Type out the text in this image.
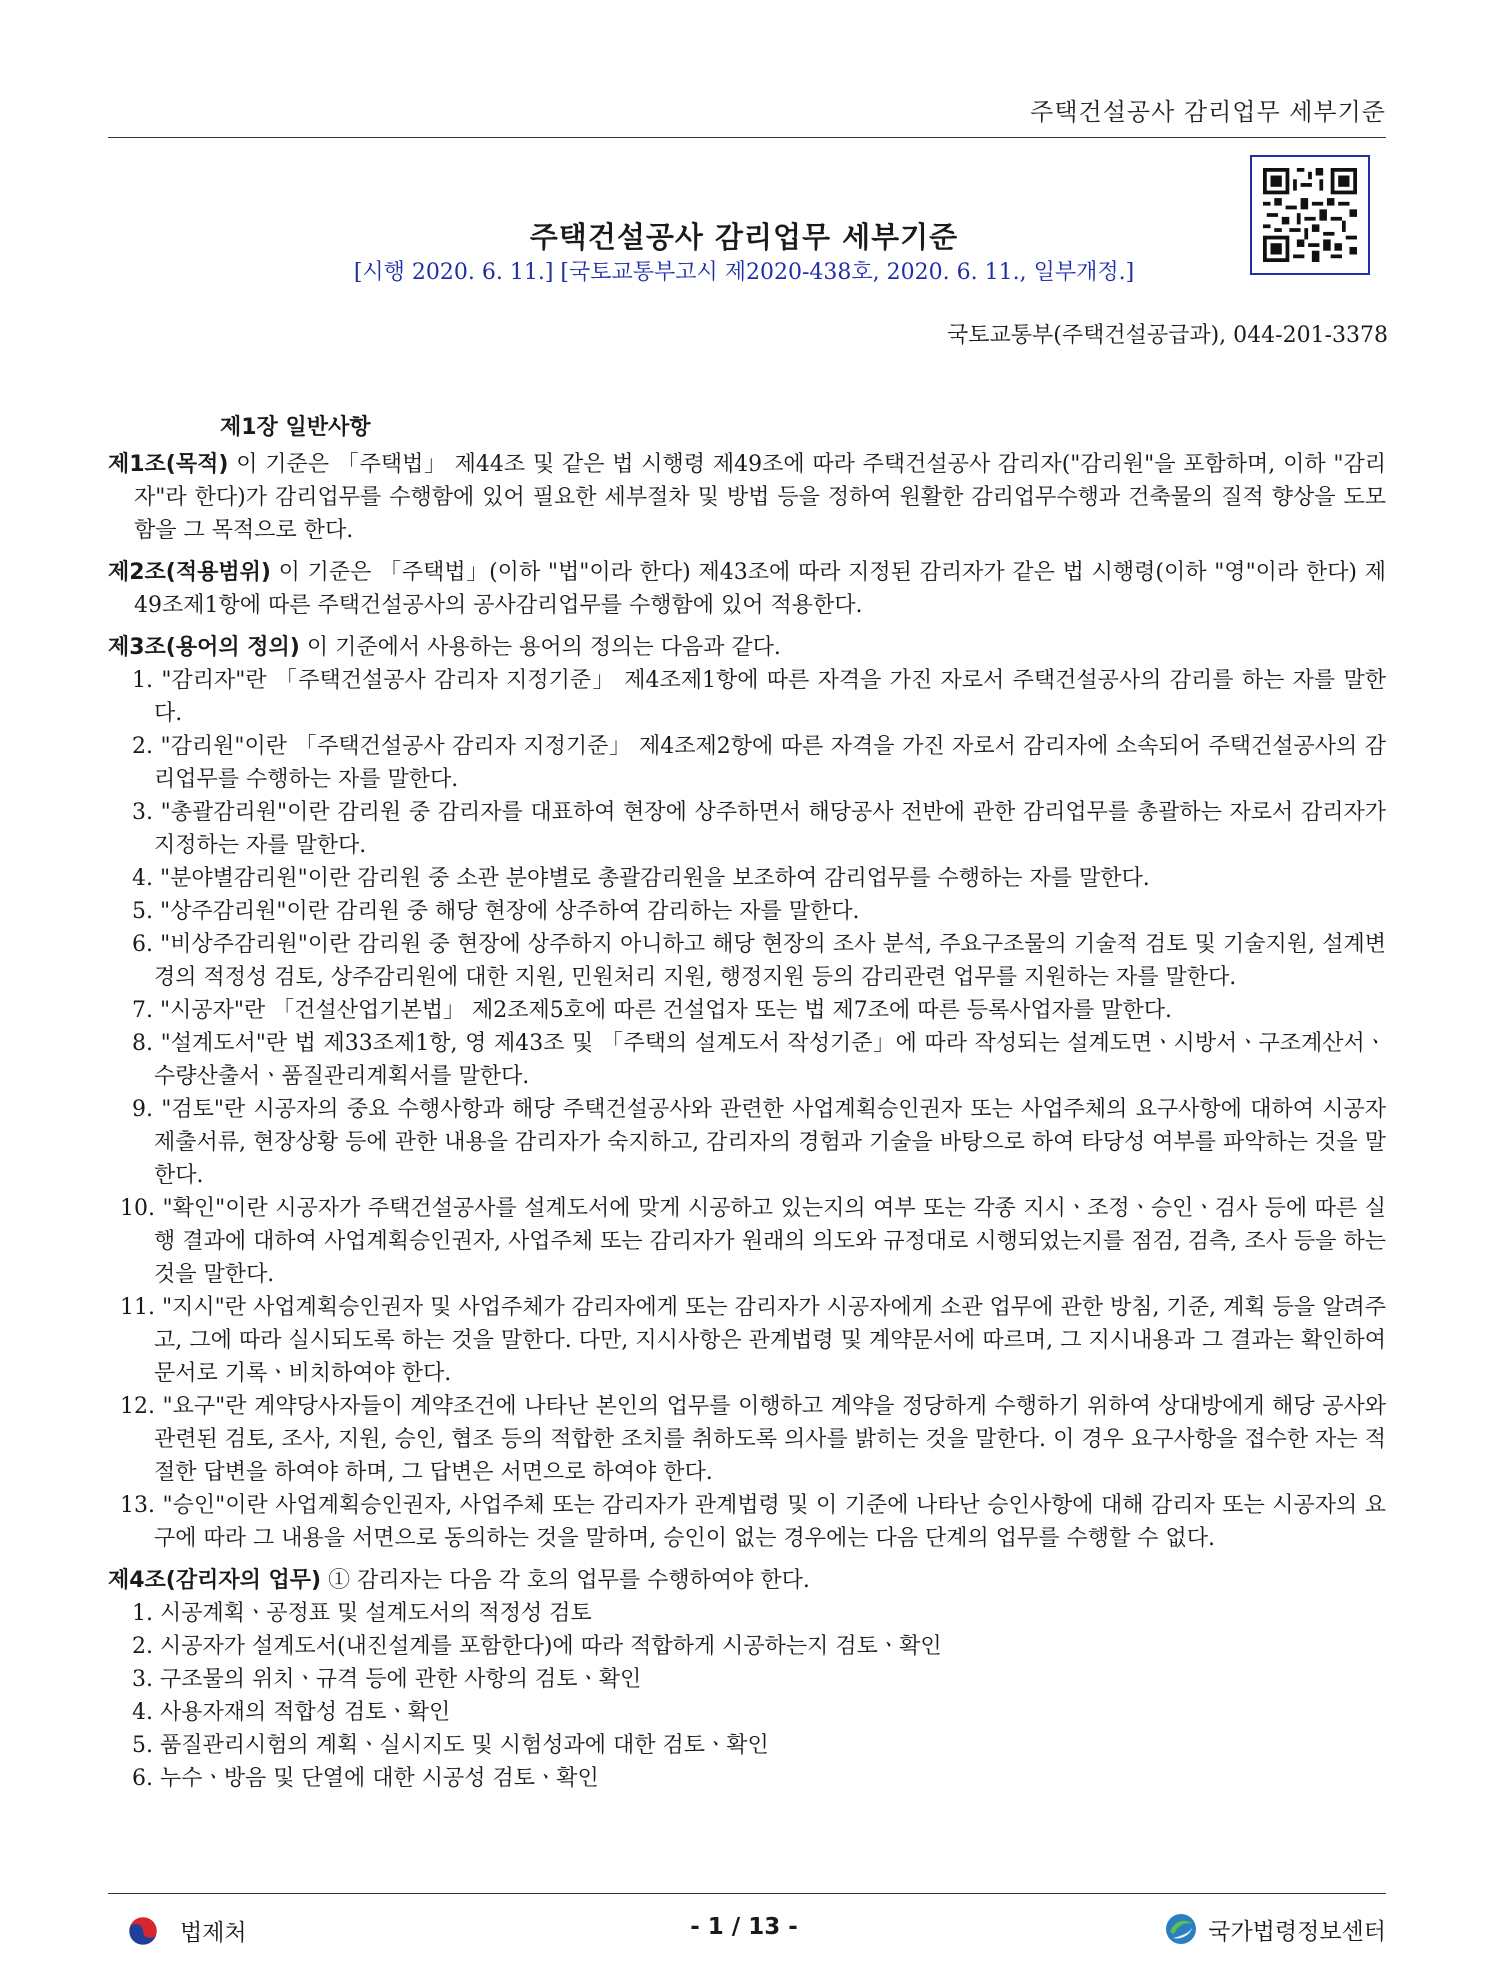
주택건설공사 감리업무 세부기준
주택건설공사 감리업무 세부기준
[시행 2020. 6. 11.] [국토교통부고시 제2020-438호, 2020. 6. 11., 일부개정.]
국토교통부(주택건설공급과), 044-201-3378
제1장 일반사항
제1조(목적) 이 기준은 「주택법」 제44조 및 같은 법 시행령 제49조에 따라 주택건설공사 감리자("감리원"을 포함하며, 이하 "감리자"라 한다)가 감리업무를 수행함에 있어 필요한 세부절차 및 방법 등을 정하여 원활한 감리업무수행과 건축물의 질적 향상을 도모함을 그 목적으로 한다.
제2조(적용범위) 이 기준은 「주택법」(이하 "법"이라 한다) 제43조에 따라 지정된 감리자가 같은 법 시행령(이하 "영"이라 한다) 제49조제1항에 따른 주택건설공사의 공사감리업무를 수행함에 있어 적용한다.
제3조(용어의 정의) 이 기준에서 사용하는 용어의 정의는 다음과 같다.
1. "감리자"란 「주택건설공사 감리자 지정기준」 제4조제1항에 따른 자격을 가진 자로서 주택건설공사의 감리를 하는 자를 말한다.
2. "감리원"이란 「주택건설공사 감리자 지정기준」 제4조제2항에 따른 자격을 가진 자로서 감리자에 소속되어 주택건설공사의 감리업무를 수행하는 자를 말한다.
3. "총괄감리원"이란 감리원 중 감리자를 대표하여 현장에 상주하면서 해당공사 전반에 관한 감리업무를 총괄하는 자로서 감리자가 지정하는 자를 말한다.
4. "분야별감리원"이란 감리원 중 소관 분야별로 총괄감리원을 보조하여 감리업무를 수행하는 자를 말한다.
5. "상주감리원"이란 감리원 중 해당 현장에 상주하여 감리하는 자를 말한다.
6. "비상주감리원"이란 감리원 중 현장에 상주하지 아니하고 해당 현장의 조사 분석, 주요구조물의 기술적 검토 및 기술지원, 설계변경의 적정성 검토, 상주감리원에 대한 지원, 민원처리 지원, 행정지원 등의 감리관련 업무를 지원하는 자를 말한다.
7. "시공자"란 「건설산업기본법」 제2조제5호에 따른 건설업자 또는 법 제7조에 따른 등록사업자를 말한다.
8. "설계도서"란 법 제33조제1항, 영 제43조 및 「주택의 설계도서 작성기준」에 따라 작성되는 설계도면ㆍ시방서ㆍ구조계산서ㆍ수량산출서ㆍ품질관리계획서를 말한다.
9. "검토"란 시공자의 중요 수행사항과 해당 주택건설공사와 관련한 사업계획승인권자 또는 사업주체의 요구사항에 대하여 시공자 제출서류, 현장상황 등에 관한 내용을 감리자가 숙지하고, 감리자의 경험과 기술을 바탕으로 하여 타당성 여부를 파악하는 것을 말한다.
10. "확인"이란 시공자가 주택건설공사를 설계도서에 맞게 시공하고 있는지의 여부 또는 각종 지시ㆍ조정ㆍ승인ㆍ검사 등에 따른 실행 결과에 대하여 사업계획승인권자, 사업주체 또는 감리자가 원래의 의도와 규정대로 시행되었는지를 점검, 검측, 조사 등을 하는 것을 말한다.
11. "지시"란 사업계획승인권자 및 사업주체가 감리자에게 또는 감리자가 시공자에게 소관 업무에 관한 방침, 기준, 계획 등을 알려주고, 그에 따라 실시되도록 하는 것을 말한다. 다만, 지시사항은 관계법령 및 계약문서에 따르며, 그 지시내용과 그 결과는 확인하여 문서로 기록ㆍ비치하여야 한다.
12. "요구"란 계약당사자들이 계약조건에 나타난 본인의 업무를 이행하고 계약을 정당하게 수행하기 위하여 상대방에게 해당 공사와 관련된 검토, 조사, 지원, 승인, 협조 등의 적합한 조치를 취하도록 의사를 밝히는 것을 말한다. 이 경우 요구사항을 접수한 자는 적절한 답변을 하여야 하며, 그 답변은 서면으로 하여야 한다.
13. "승인"이란 사업계획승인권자, 사업주체 또는 감리자가 관계법령 및 이 기준에 나타난 승인사항에 대해 감리자 또는 시공자의 요구에 따라 그 내용을 서면으로 동의하는 것을 말하며, 승인이 없는 경우에는 다음 단계의 업무를 수행할 수 없다.
제4조(감리자의 업무) ① 감리자는 다음 각 호의 업무를 수행하여야 한다.
1. 시공계획ㆍ공정표 및 설계도서의 적정성 검토
2. 시공자가 설계도서(내진설계를 포함한다)에 따라 적합하게 시공하는지 검토ㆍ확인
3. 구조물의 위치ㆍ규격 등에 관한 사항의 검토ㆍ확인
4. 사용자재의 적합성 검토ㆍ확인
5. 품질관리시험의 계획ㆍ실시지도 및 시험성과에 대한 검토ㆍ확인
6. 누수ㆍ방음 및 단열에 대한 시공성 검토ㆍ확인
법제처	- 1 / 13 -	국가법령정보센터
